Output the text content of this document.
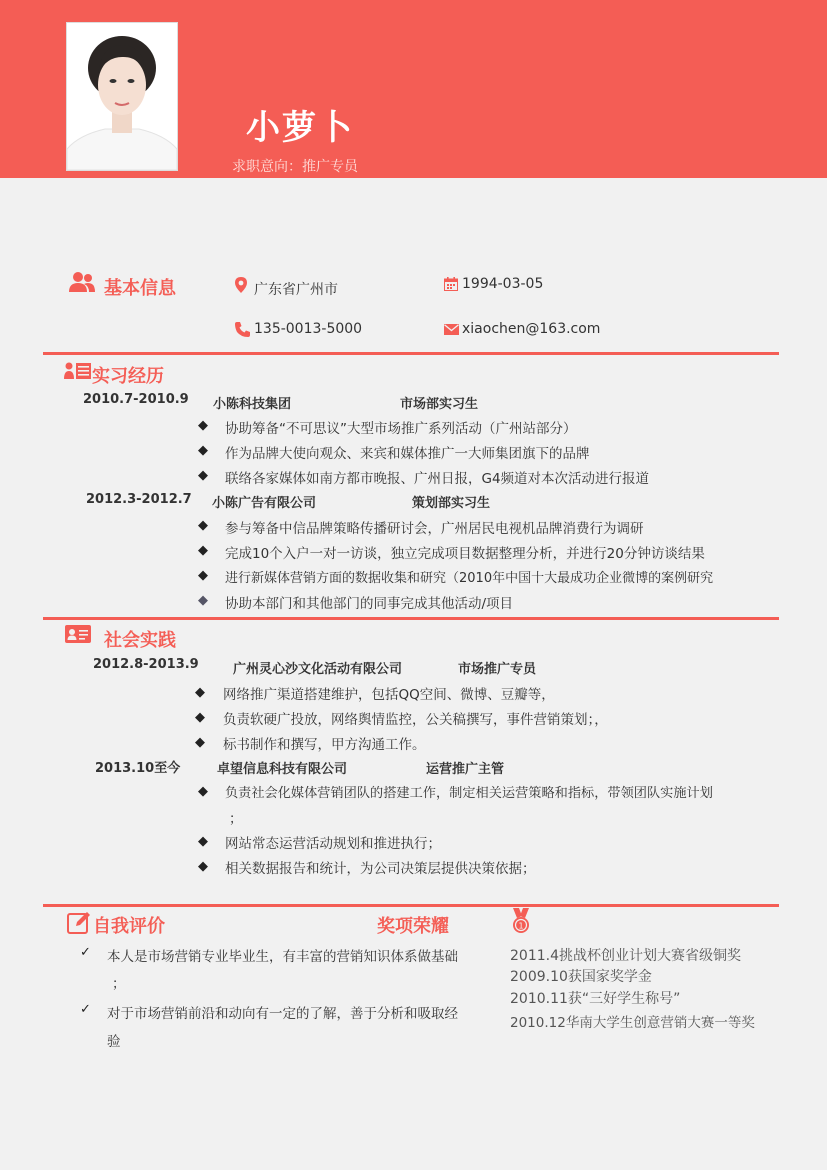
小萝卜
求职意向：推广专员
基本信息	广东省广州市	1994-03-05
135-0013-5000	xiaochen@163.com
实习经历
2010.7-2010.9 小陈科技集团	市场部实习生
◆ 协助筹备“不可思议”大型市场推广系列活动（广州站部分）
◆ 作为品牌大使向观众、来宾和媒体推广一大师集团旗下的品牌
◆ 联络各家媒体如南方都市晚报、广州日报，G4频道对本次活动进行报道
2012.3-2012.7 小陈广告有限公司	策划部实习生
◆ 参与筹备中信品牌策略传播研讨会，广州居民电视机品牌消费行为调研
◆ 完成10个入户一对一访谈，独立完成项目数据整理分析，并进行20分钟访谈结果
◆ 进行新媒体营销方面的数据收集和研究（2010年中国十大最成功企业微博的案例研究
◆ 协助本部门和其他部门的同事完成其他活动/项目
社会实践
2012.8-2013.9	广州灵心沙文化活动有限公司	市场推广专员
◆ 网络推广渠道搭建维护，包括QQ空间、微博、豆瓣等，
◆ 负责软硬广投放，网络舆情监控，公关稿撰写，事件营销策划；，
◆ 标书制作和撰写，甲方沟通工作。
2013.10至今	卓望信息科技有限公司	运营推广主管
◆ 负责社会化媒体营销团队的搭建工作，制定相关运营策略和指标，带领团队实施计划
；
◆ 网站常态运营活动规划和推进执行；
◆ 相关数据报告和统计，为公司决策层提供决策依据；
自我评价
✓ 本人是市场营销专业毕业生，有丰富的营销知识体系做基础
；
✓ 对于市场营销前沿和动向有一定的了解，善于分析和吸取经
验
奖项荣耀	1
2011.4挑战杯创业计划大赛省级铜奖
2009.10获国家奖学金
2010.11获“三好学生称号”
2010.12华南大学生创意营销大赛一等奖
